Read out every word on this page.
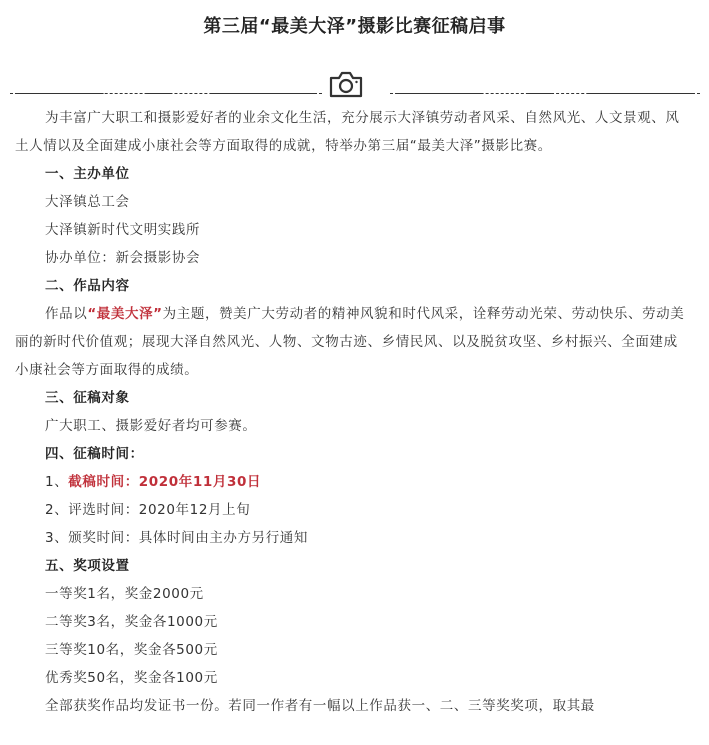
第三届“最美大泽”摄影比赛征稿启事

为丰富广大职工和摄影爱好者的业余文化生活，充分展示大泽镇劳动者风采、自然风光、人文景观、风土人情以及全面建成小康社会等方面取得的成就，特举办第三届“最美大泽”摄影比赛。

一、主办单位

大泽镇总工会

大泽镇新时代文明实践所

协办单位：新会摄影协会

二、作品内容

作品以“最美大泽”为主题，赞美广大劳动者的精神风貌和时代风采，诠释劳动光荣、劳动快乐、劳动美丽的新时代价值观；展现大泽自然风光、人物、文物古迹、乡情民风、以及脱贫攻坚、乡村振兴、全面建成小康社会等方面取得的成绩。

三、征稿对象

广大职工、摄影爱好者均可参赛。

四、征稿时间：

1、截稿时间：2020年11月30日

2、评选时间：2020年12月上旬

3、颁奖时间：具体时间由主办方另行通知

五、奖项设置

一等奖1名，奖金2000元

二等奖3名，奖金各1000元

三等奖10名，奖金各500元

优秀奖50名，奖金各100元

全部获奖作品均发证书一份。若同一作者有一幅以上作品获一、二、三等奖奖项，取其最
